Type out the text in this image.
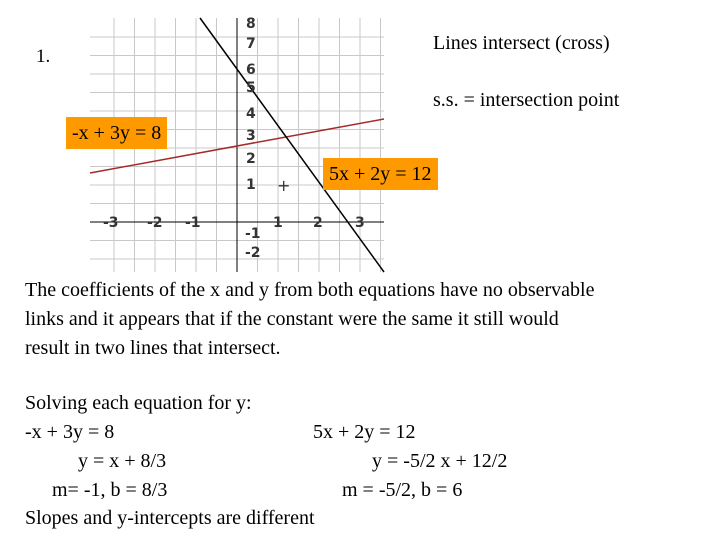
+
-3 -2 -1	1 2 3
8
7
6
5
4
3
2
1
-1
-2
1.
Lines intersect (cross)
s.s. = intersection point
-x + 3y = 8
5x + 2y = 12
The coefficients of the x and y from both equations have no observable
links and it appears that if the constant were the same it still would
result in two lines that intersect.
Solving each equation for y:
-x + 3y = 8
y = x + 8/3
m= -1, b = 8/3
5x + 2y = 12
y = -5/2 x + 12/2
m = -5/2, b = 6
Slopes and y-intercepts are different
